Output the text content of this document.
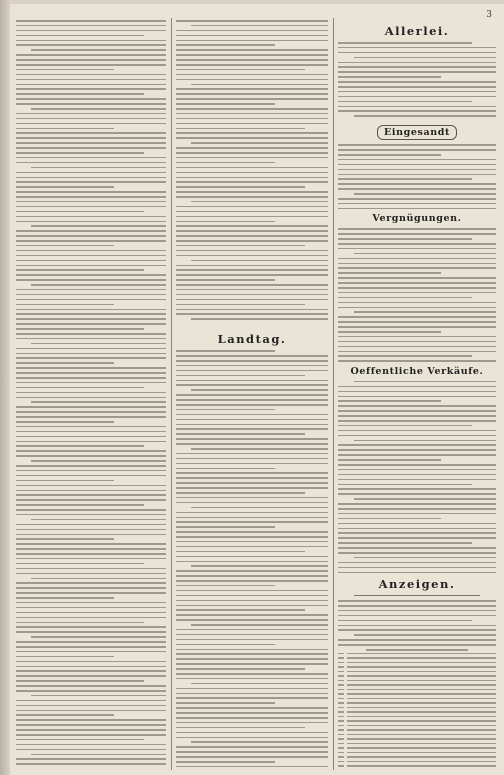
3
Landtag.
Allerlei.
Eingesandt
Vergnügungen.
Oeffentliche Verkäufe.
Anzeigen.
